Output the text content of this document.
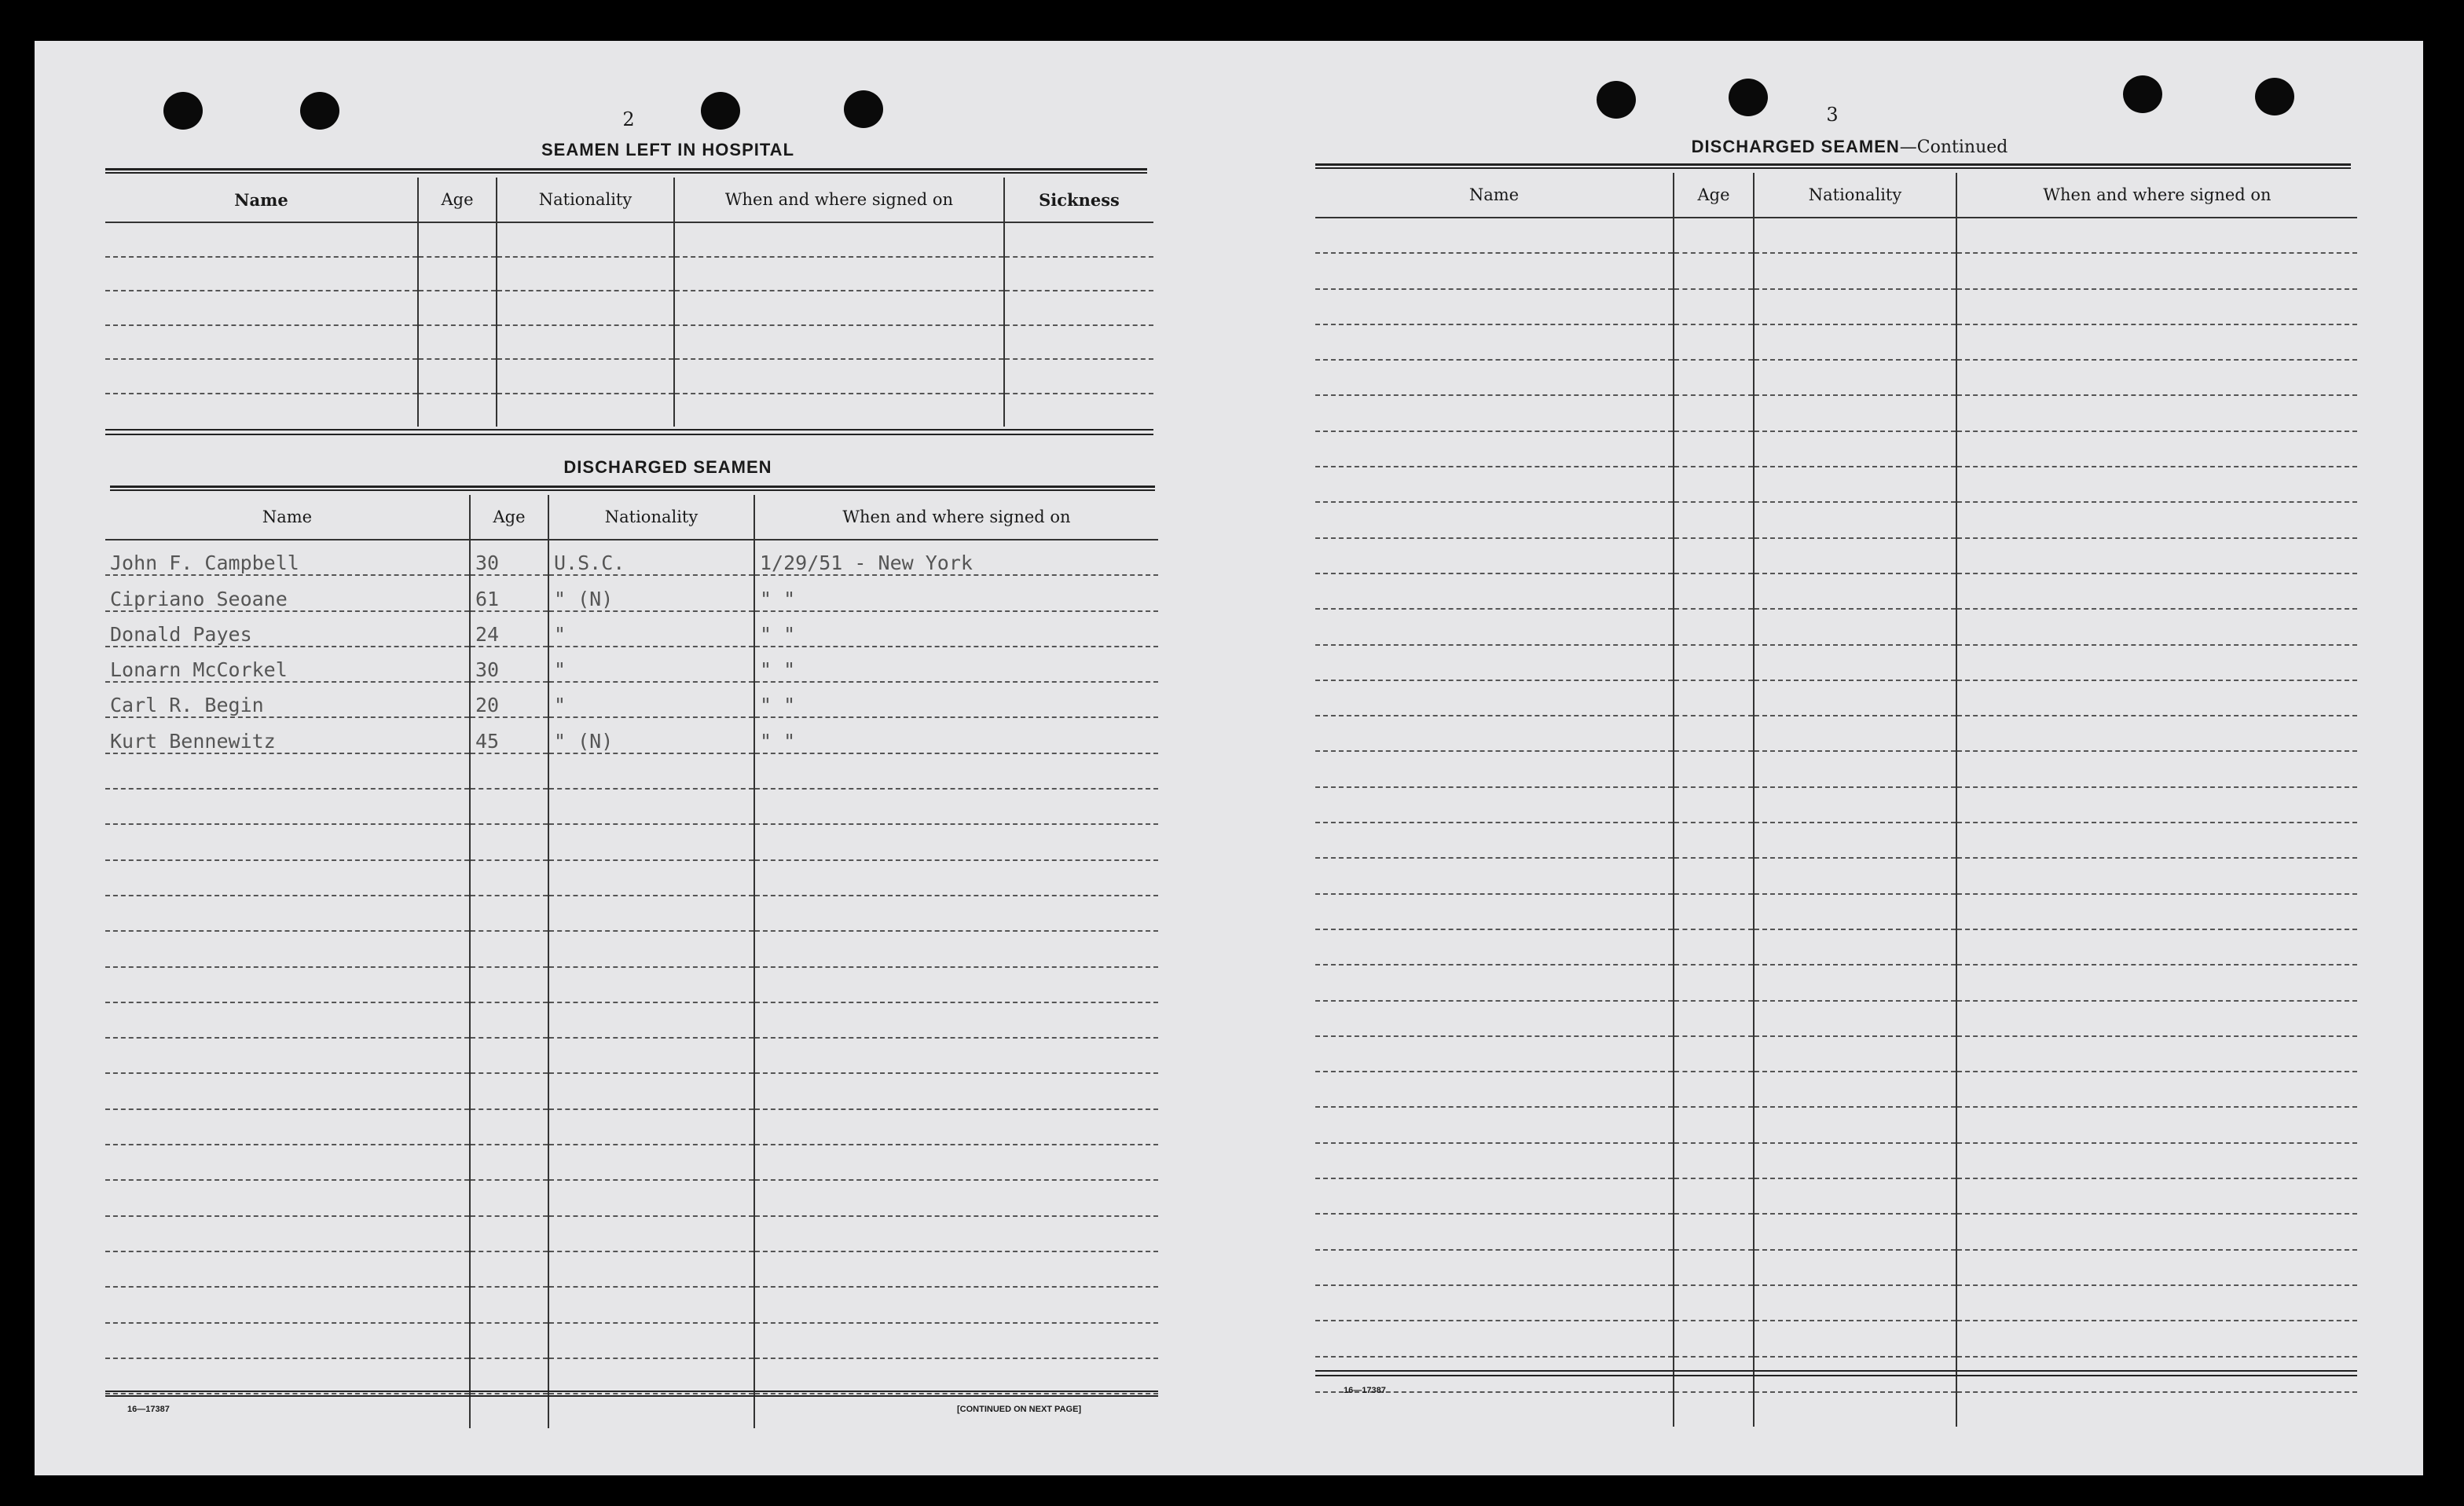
2
SEAMEN LEFT IN HOSPITAL
Name	Age	Nationality	When and where signed on	Sickness

DISCHARGED SEAMEN
Name	Age	Nationality	When and where signed on
John F. Campbell	30	U.S.C.	1/29/51 - New York
Cipriano Seoane	61	" (N)	" "
Donald Payes	24	"	" "
Lonarn McCorkel	30	"	" "
Carl R. Begin	20	"	" "
Kurt Bennewitz	45	" (N)	" "

16—17387	[CONTINUED ON NEXT PAGE]
3
DISCHARGED SEAMEN—Continued
Name	Age	Nationality	When and where signed on

16—17387
